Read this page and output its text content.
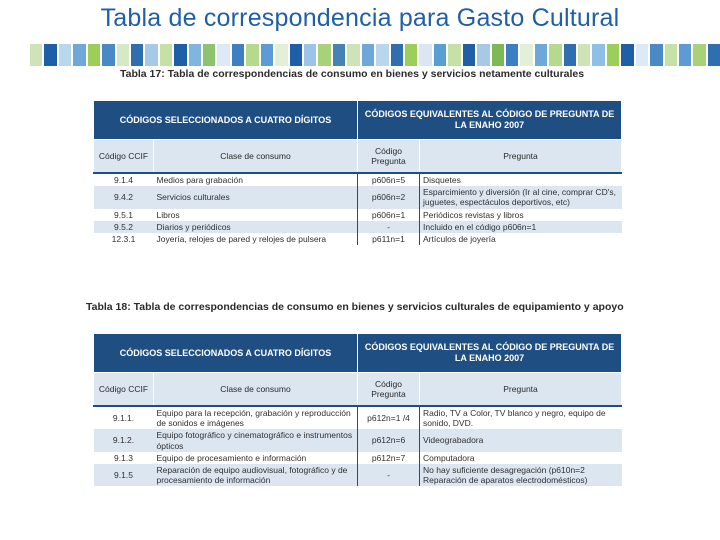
Tabla de correspondencia para Gasto Cultural
Tabla 17: Tabla de correspondencias de consumo en bienes y servicios netamente culturales
CÓDIGOS SELECCIONADOS A CUATRO DÍGITOS		CÓDIGOS EQUIVALENTES AL CÓDIGO DE PREGUNTA DE LA ENAHO 2007	
Código CCIF	Clase de consumo	Código Pregunta	Pregunta
9.1.4	Medios para grabación	p606n=5	Disquetes
9.4.2	Servicios culturales	p606n=2	Esparcimiento y diversión (Ir al cine, comprar CD's, juguetes, espectáculos deportivos, etc)
9.5.1	Libros	p606n=1	Periódicos revistas y libros
9.5.2	Diarios y periódicos	-	Incluido en el código p606n=1
12.3.1	Joyería, relojes de pared y relojes de pulsera	p611n=1	Artículos de joyería
Tabla 18: Tabla de correspondencias de consumo en bienes y servicios culturales de equipamiento y apoyo
CÓDIGOS SELECCIONADOS A CUATRO DÍGITOS		CÓDIGOS EQUIVALENTES AL CÓDIGO DE PREGUNTA DE LA ENAHO 2007	
Código CCIF	Clase de consumo	Código Pregunta	Pregunta
9.1.1.	Equipo para la recepción, grabación y reproducción de sonidos e imágenes	p612n=1 /4	Radio, TV a Color, TV blanco y negro, equipo de sonido, DVD.
9.1.2.	Equipo fotográfico y cinematográfico e instrumentos ópticos	p612n=6	Videograbadora
9.1.3	Equipo de procesamiento e información	p612n=7	Computadora
9.1.5	Reparación de equipo audiovisual, fotográfico y de procesamiento de información	-	No hay suficiente desagregación (p610n=2 Reparación de aparatos electrodomésticos)
